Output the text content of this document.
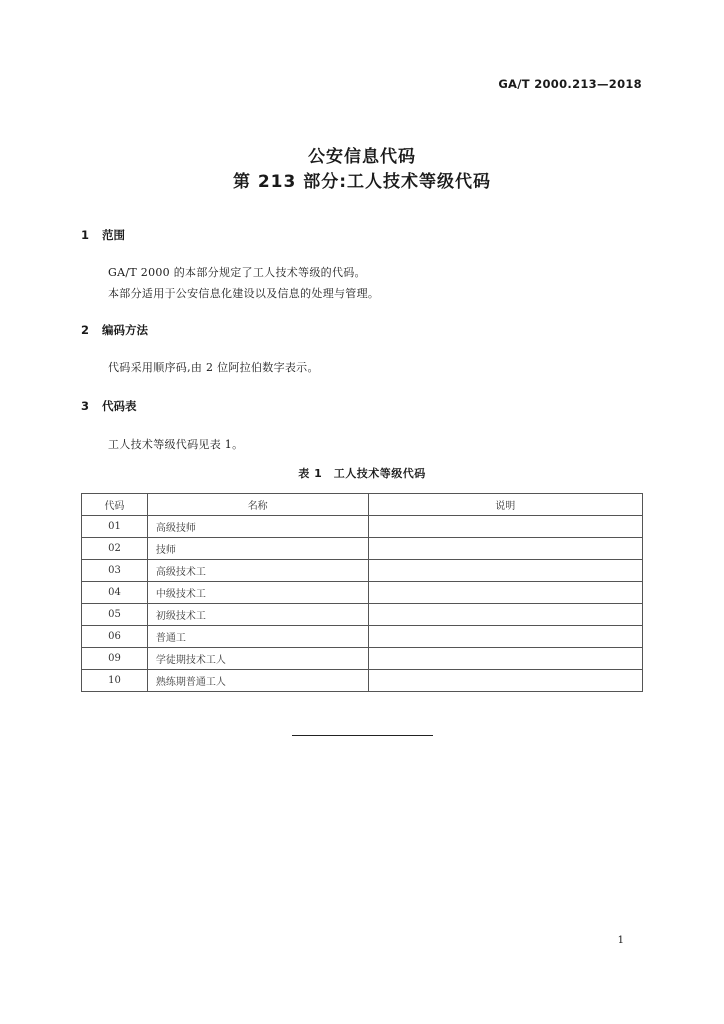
GA/T 2000.213—2018
公安信息代码
第 213 部分:工人技术等级代码
1 范围
GA/T 2000 的本部分规定了工人技术等级的代码。
本部分适用于公安信息化建设以及信息的处理与管理。
2 编码方法
代码采用顺序码,由 2 位阿拉伯数字表示。
3 代码表
工人技术等级代码见表 1。
表 1　工人技术等级代码
代码	名称	说明
01	高级技师	
02	技师	
03	高级技术工	
04	中级技术工	
05	初级技术工	
06	普通工	
09	学徒期技术工人	
10	熟练期普通工人	
1
